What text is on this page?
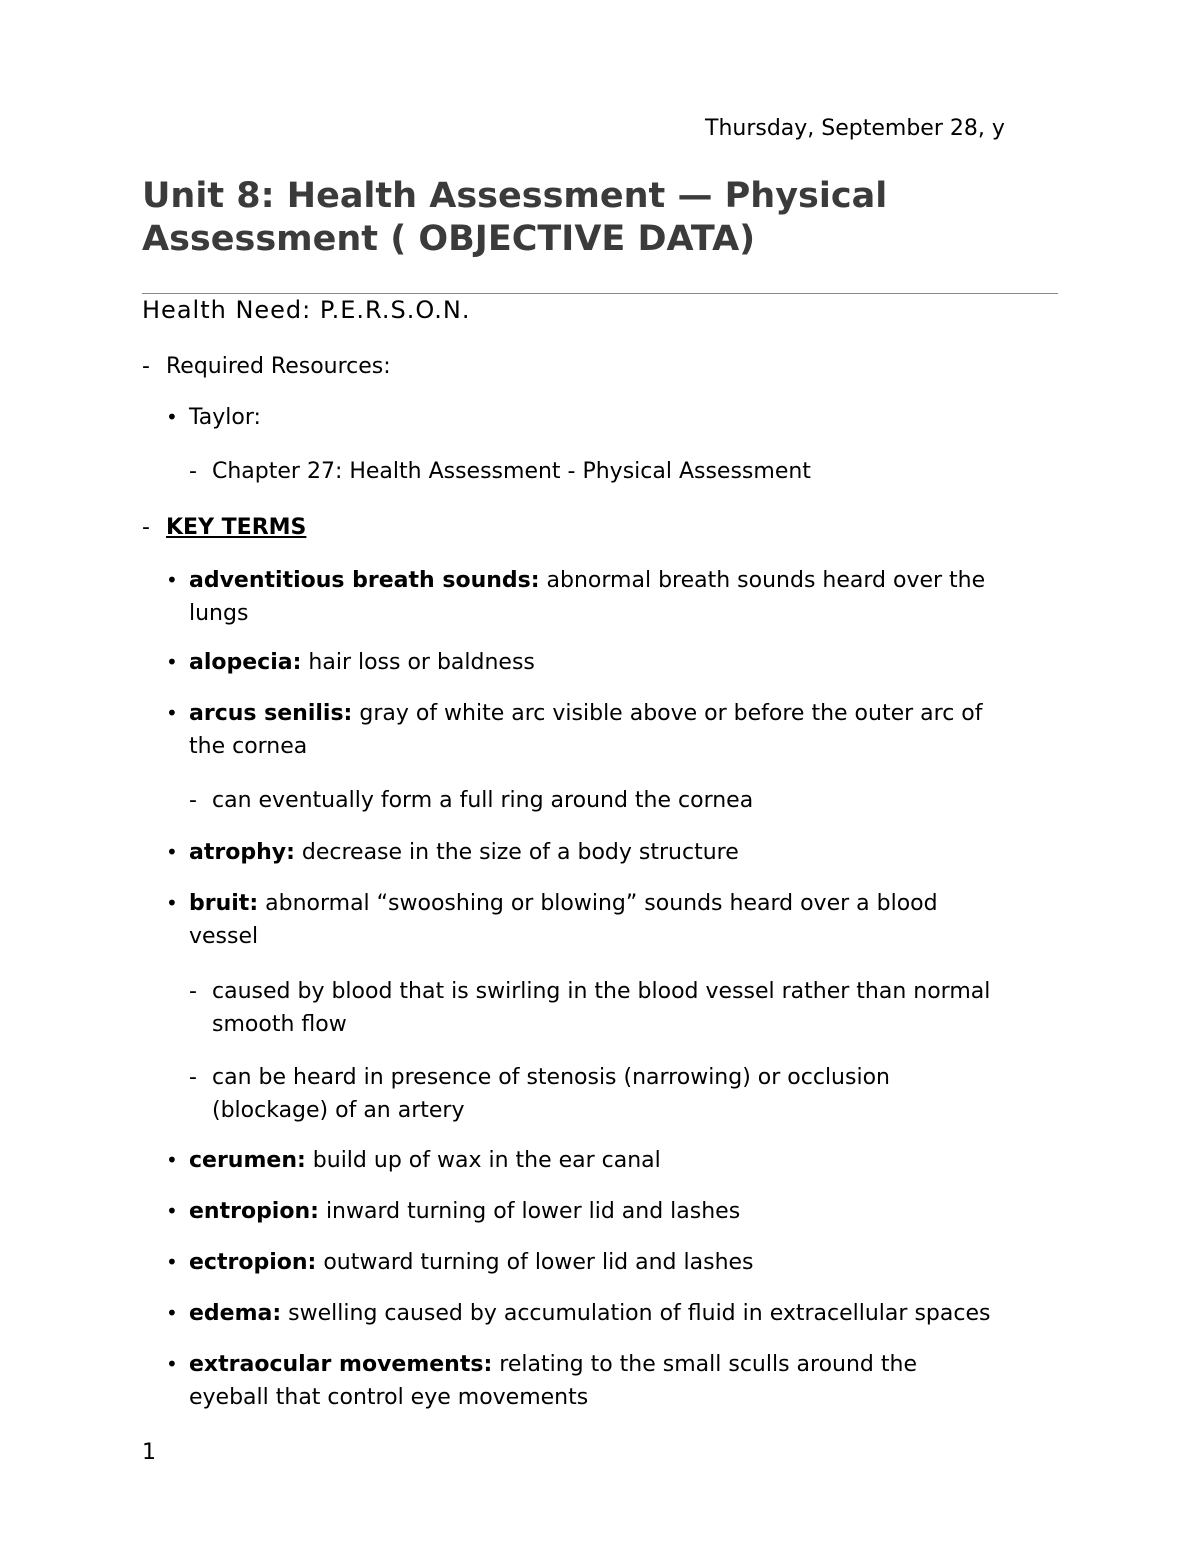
Thursday, September 28, y
Unit 8: Health Assessment — Physical
Assessment ( OBJECTIVE DATA)
Health Need: P.E.R.S.O.N.
- Required Resources:
• Taylor:
- Chapter 27: Health Assessment - Physical Assessment
- KEY TERMS
• adventitious breath sounds: abnormal breath sounds heard over the
lungs
• alopecia: hair loss or baldness
• arcus senilis: gray of white arc visible above or before the outer arc of
the cornea
- can eventually form a full ring around the cornea
• atrophy: decrease in the size of a body structure
• bruit: abnormal “swooshing or blowing” sounds heard over a blood
vessel
- caused by blood that is swirling in the blood vessel rather than normal
smooth flow
- can be heard in presence of stenosis (narrowing) or occlusion
(blockage) of an artery
• cerumen: build up of wax in the ear canal
• entropion: inward turning of lower lid and lashes
• ectropion: outward turning of lower lid and lashes
• edema: swelling caused by accumulation of fluid in extracellular spaces
• extraocular movements: relating to the small sculls around the
eyeball that control eye movements
1
